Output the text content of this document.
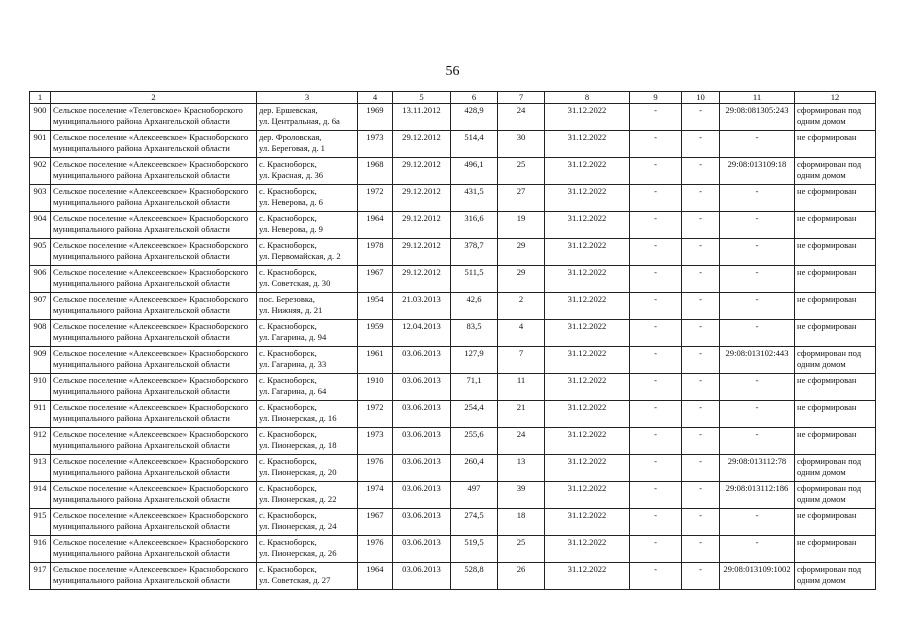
56
1	2	3	4	5	6	7	8	9	10	11	12
900	Сельское поселение «Телеговское» Красноборского
муниципального района Архангельской области	дер. Ершевская,
ул. Центральная, д. 6а	1969	13.11.2012	428,9	24	31.12.2022	-	-	29:08:081305:243	сформирован под
одним домом

901	Сельское поселение «Алексеевское» Красноборского
муниципального района Архангельской области	дер. Фроловская,
ул. Береговая, д. 1	1973	29.12.2012	514,4	30	31.12.2022	-	-	-	не сформирован

902	Сельское поселение «Алексеевское» Красноборского
муниципального района Архангельской области	с. Красноборск,
ул. Красная, д. 36	1968	29.12.2012	496,1	25	31.12.2022	-	-	29:08:013109:18	сформирован под
одним домом

903	Сельское поселение «Алексеевское» Красноборского
муниципального района Архангельской области	с. Красноборск,
ул. Неверова, д. 6	1972	29.12.2012	431,5	27	31.12.2022	-	-	-	не сформирован

904	Сельское поселение «Алексеевское» Красноборского
муниципального района Архангельской области	с. Красноборск,
ул. Неверова, д. 9	1964	29.12.2012	316,6	19	31.12.2022	-	-	-	не сформирован

905	Сельское поселение «Алексеевское» Красноборского
муниципального района Архангельской области	с. Красноборск,
ул. Первомайская, д. 2	1978	29.12.2012	378,7	29	31.12.2022	-	-	-	не сформирован

906	Сельское поселение «Алексеевское» Красноборского
муниципального района Архангельской области	с. Красноборск,
ул. Советская, д. 30	1967	29.12.2012	511,5	29	31.12.2022	-	-	-	не сформирован

907	Сельское поселение «Алексеевское» Красноборского
муниципального района Архангельской области	пос. Березовка,
ул. Нижняя, д. 21	1954	21.03.2013	42,6	2	31.12.2022	-	-	-	не сформирован

908	Сельское поселение «Алексеевское» Красноборского
муниципального района Архангельской области	с. Красноборск,
ул. Гагарина, д. 94	1959	12.04.2013	83,5	4	31.12.2022	-	-	-	не сформирован

909	Сельское поселение «Алексеевское» Красноборского
муниципального района Архангельской области	с. Красноборск,
ул. Гагарина, д. 33	1961	03.06.2013	127,9	7	31.12.2022	-	-	29:08:013102:443	сформирован под
одним домом

910	Сельское поселение «Алексеевское» Красноборского
муниципального района Архангельской области	с. Красноборск,
ул. Гагарина, д. 64	1910	03.06.2013	71,1	11	31.12.2022	-	-	-	не сформирован

911	Сельское поселение «Алексеевское» Красноборского
муниципального района Архангельской области	с. Красноборск,
ул. Пионерская, д. 16	1972	03.06.2013	254,4	21	31.12.2022	-	-	-	не сформирован

912	Сельское поселение «Алексеевское» Красноборского
муниципального района Архангельской области	с. Красноборск,
ул. Пионерская, д. 18	1973	03.06.2013	255,6	24	31.12.2022	-	-	-	не сформирован

913	Сельское поселение «Алексеевское» Красноборского
муниципального района Архангельской области	с. Красноборск,
ул. Пионерская, д. 20	1976	03.06.2013	260,4	13	31.12.2022	-	-	29:08:013112:78	сформирован под
одним домом

914	Сельское поселение «Алексеевское» Красноборского
муниципального района Архангельской области	с. Красноборск,
ул. Пионерская, д. 22	1974	03.06.2013	497	39	31.12.2022	-	-	29:08:013112:186	сформирован под
одним домом

915	Сельское поселение «Алексеевское» Красноборского
муниципального района Архангельской области	с. Красноборск,
ул. Пионерская, д. 24	1967	03.06.2013	274,5	18	31.12.2022	-	-	-	не сформирован

916	Сельское поселение «Алексеевское» Красноборского
муниципального района Архангельской области	с. Красноборск,
ул. Пионерская, д. 26	1976	03.06.2013	519,5	25	31.12.2022	-	-	-	не сформирован

917	Сельское поселение «Алексеевское» Красноборского
муниципального района Архангельской области	с. Красноборск,
ул. Советская, д. 27	1964	03.06.2013	528,8	26	31.12.2022	-	-	29:08:013109:1002	сформирован под
одним домом
